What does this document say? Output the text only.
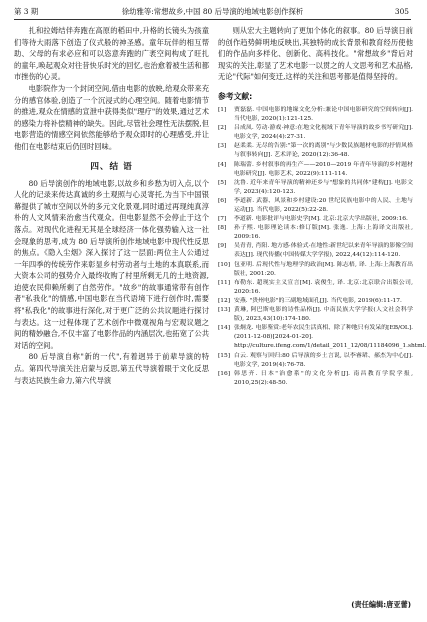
第 3 期	徐幼雅等:常想故乡,中国 80 后导演的地域电影创作探析	305

扎和拉姆结伴奔跑在高原的稻田中,升格的长镜头为孩童们等待大雨落下创造了仪式般的神圣感。童年玩伴的相互帮助、父母的有求必应和可以恣意奔跑的广袤空间构成了旺扎的童年,唤起观众对往昔快乐时光的回忆,也治愈着被生活和都市挫伤的心灵。

电影院作为一个封闭空间,借由电影的放映,给观众带来充分的感官体验,创造了一个沉浸式的心理空间。随着电影情节的推进,观众在情感的宣泄中获得类似"理疗"的效果,通过艺术的感染力将补偿精神的缺失。因此,尽管社会理性无法摆脱,但电影营造的情感空间依然能够给予观众即时的心理感受,并让他们在电影结束后仍回时回味。

四、结 语

80 后导演创作的地域电影,以故乡和乡愁为切入点,以个人化的记录来传达真诚的乡土观照与心灵寄托,为当下中国银幕提供了城市空间以外的多元文化景观,同时通过再现纯真淳朴的人文风情来治愈当代观众。但电影显然不会停止于这个落点。对现代化进程无其是全球经济一体化强势输入这一社会现象的思考,成为 80 后导演所创作地域电影中现代性反思的焦点。《隐入尘烟》深入探讨了这一层面:两位主人公通过一年四季的传统劳作来彰显乡村劳动者与土地的本真联系,而大资本公司的强势介入最终收购了村里所剩无几的土地资源,迫使农民仰赖所剩了自然劳作。"故乡"的故事通常带有创作者"私我化"的情感,中国电影在当代语境下进行创作时,需要将"私我化"的故事进行深化,对于更广泛的公共议题进行探讨与表达。这一过程体现了艺术创作中微观视角与宏观议题之间的精妙融合,不仅丰富了电影作品的内涵层次,也拓宽了公共对话的空间。

80 后导演自称"新的一代",有着迥异于前辈导演的特点。第四代导演关注启蒙与反思,第五代导演着眼于文化反思与表达民族生命力,第六代导演

则从宏大主题转向了更加个体化的叙事。80 后导演日前的创作趋势鲜明地反映出,其独特的成长背景和教育经历使他们的作品向多样化、创新化、高科技化。"常想故乡"背后对现实的关注,彰显了艺术电影一以贯之的人文思考和艺术品格,无论"代际"如何变迁,这样的关注和思考都是值得坚持的。

参考文献:
[1] 贾磊磊. 中国电影的地缘文化分析:兼论中国电影研究的空间转向[J]. 当代电影, 2020(1):121-125.
[2] 吕成凤. 劳动·游戏·神意:在地文化视域下青年导演的故乡书写研究[J]. 电影文学, 2024(4):27-31.
[3] 赵柔柔. 无尽的告别:"第一次的离别"与少数民族题材电影的抒情风格与叙事转向[J]. 艺术评论, 2020(12):36-48.
[4] 陈瑞蕾. 乡村叙事的再生产——2010—2019 年青年导演的乡村题材电影研究[J]. 电影艺术, 2022(9):111-114.
[5] 沈鲁. 近年来青年导演的精神还乡与"想象的共同体"建构[J]. 电影文学, 2023(4):120-123.
[6] 李道新. 武器、风景和乡村建设:20 世纪民族电影中的人民、土地与运动[J]. 当代电影, 2022(5):22-28.
[7] 李道新. 电影批评与电影史学[M]. 北京:北京大学出版社, 2009:16.
[8] 孙子熙. 电影理论读本:修订版[M]. 张逸. 上海:上海译文出版社, 2009:16.
[9] 吴青青, 肖阳. 地方感·体验式·在地性:新世纪以来青年导演的影像空间表达[J]. 现代传播(中国传媒大学学报), 2022,44(12):114-120.
[10] 包亚明. 后现代性与地理学的政治[M]. 陈志梧, 译. 上海:上海教育出版社, 2001:20.
[11] 布勒东. 超现实主义宣言[M]. 袁俊生, 译. 北京:北京联合出版公司, 2020:16.
[12] 安燕. "贵州电影"的三副地域面孔[J]. 当代电影, 2019(6):11-17.
[13] 黄琳, 阿巴斯电影的诗性品格[J]. 中南民族大学学报(人文社会科学版), 2023,43(10):174-180.
[14] 张炯龙. 电影鉴赏:老年农民生活真相、除了种地只有发呆的[EB/OL]. (2011-12-08)[2024-01-20]. http://culture.ifeng.com/1/detail_2011_12/08/11184096_1.shtml.
[15] 白云. 观察与回归:80 后导演的乡土言说, 以李睿珺、郝杰为中心[J]. 电影文学, 2019(4):76-78.
[16] 韩思齐. 日本"治愈系"的文化分析[J]. 南昌教育学院学报, 2010,25(2):48-50.
(责任编辑:唐亚蕾)
